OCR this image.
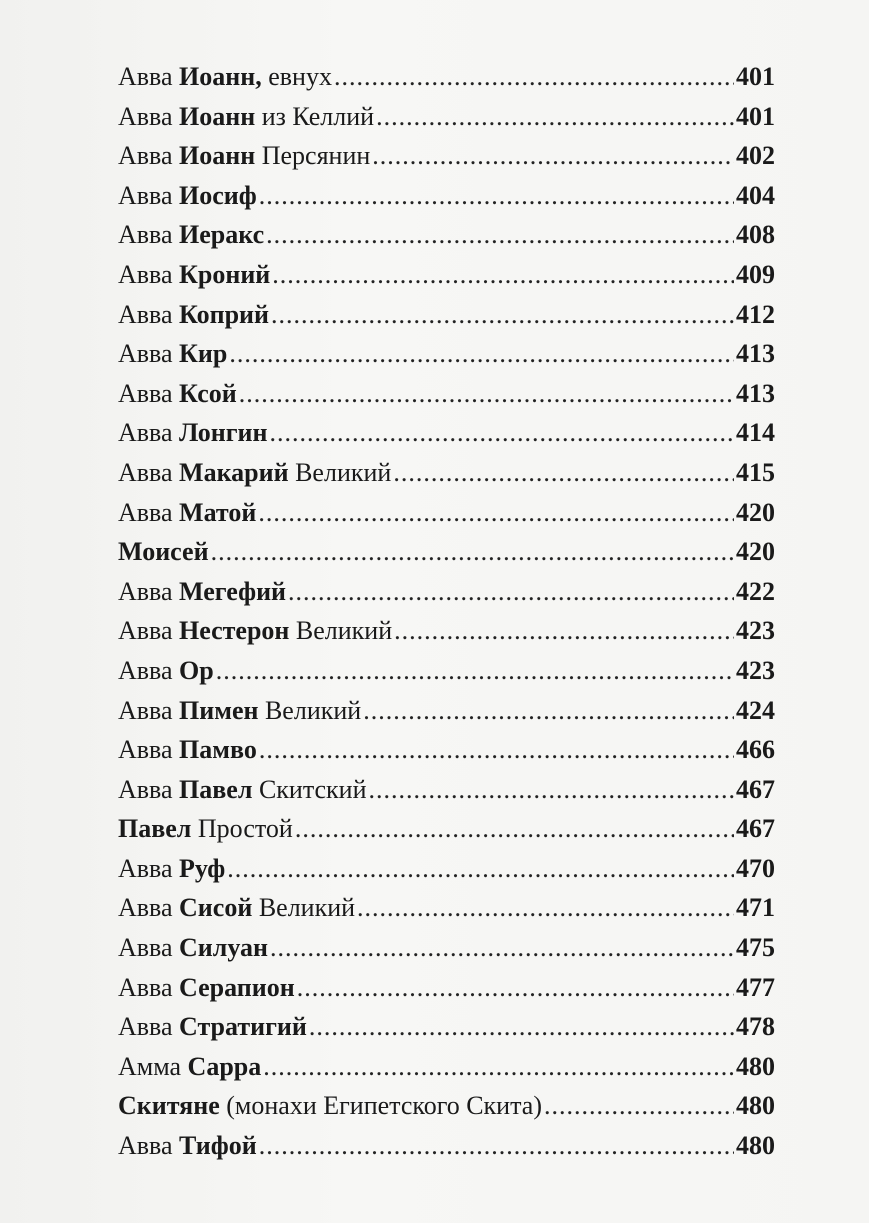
Авва Иоанн, евнух .....	401
Авва Иоанн из Келлий .....	401
Авва Иоанн Персянин .....	402
Авва Иосиф .....	404
Авва Иеракс .....	408
Авва Кроний .....	409
Авва Коприй .....	412
Авва Кир .....	413
Авва Ксой .....	413
Авва Лонгин .....	414
Авва Макарий Великий .....	415
Авва Матой .....	420
Моисей .....	420
Авва Мегефий .....	422
Авва Нестерон Великий .....	423
Авва Ор .....	423
Авва Пимен Великий .....	424
Авва Памво .....	466
Авва Павел Скитский .....	467
Павел Простой .....	467
Авва Руф .....	470
Авва Сисой Великий .....	471
Авва Силуан .....	475
Авва Серапион .....	477
Авва Стратигий .....	478
Амма Сарра .....	480
Скитяне (монахи Египетского Скита) .....	480
Авва Тифой .....	480
